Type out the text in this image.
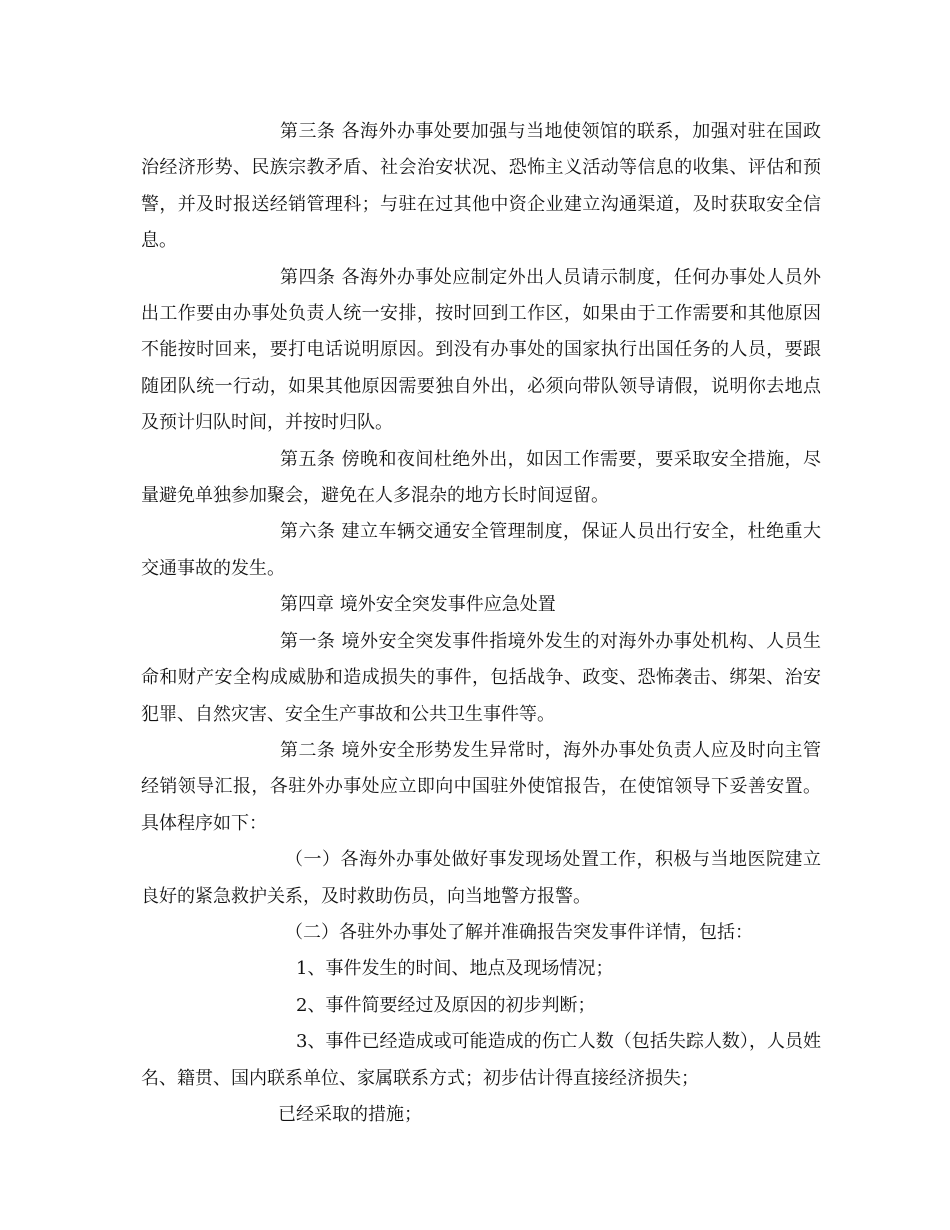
第三条 各海外办事处要加强与当地使领馆的联系，加强对驻在国政治经济形势、民族宗教矛盾、社会治安状况、恐怖主义活动等信息的收集、评估和预警，并及时报送经销管理科；与驻在过其他中资企业建立沟通渠道，及时获取安全信息。

第四条 各海外办事处应制定外出人员请示制度，任何办事处人员外出工作要由办事处负责人统一安排，按时回到工作区，如果由于工作需要和其他原因不能按时回来，要打电话说明原因。到没有办事处的国家执行出国任务的人员，要跟随团队统一行动，如果其他原因需要独自外出，必须向带队领导请假，说明你去地点及预计归队时间，并按时归队。

第五条 傍晚和夜间杜绝外出，如因工作需要，要采取安全措施，尽量避免单独参加聚会，避免在人多混杂的地方长时间逗留。

第六条 建立车辆交通安全管理制度，保证人员出行安全，杜绝重大交通事故的发生。

第四章 境外安全突发事件应急处置

第一条 境外安全突发事件指境外发生的对海外办事处机构、人员生命和财产安全构成威胁和造成损失的事件，包括战争、政变、恐怖袭击、绑架、治安犯罪、自然灾害、安全生产事故和公共卫生事件等。

第二条 境外安全形势发生异常时，海外办事处负责人应及时向主管经销领导汇报，各驻外办事处应立即向中国驻外使馆报告，在使馆领导下妥善安置。具体程序如下：

（一）各海外办事处做好事发现场处置工作，积极与当地医院建立良好的紧急救护关系，及时救助伤员，向当地警方报警。

（二）各驻外办事处了解并准确报告突发事件详情，包括：

1、事件发生的时间、地点及现场情况；

2、事件简要经过及原因的初步判断；

3、事件已经造成或可能造成的伤亡人数（包括失踪人数），人员姓名、籍贯、国内联系单位、家属联系方式；初步估计得直接经济损失；

已经采取的措施；
